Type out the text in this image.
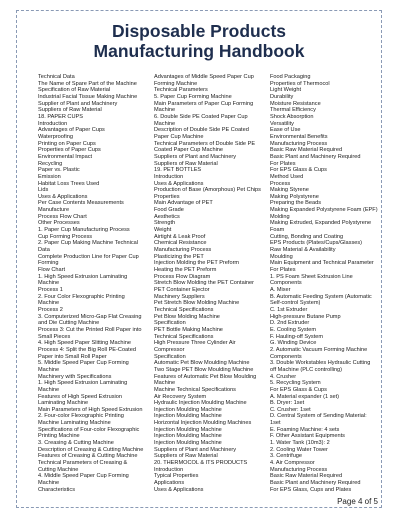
Disposable Products
Manufacturing Handbook
Technical Data
The Name of Spare Part of the Machine
Specification of Raw Material
Industrial Facial Tissue Making Machine
Supplier of Plant and Machinery
Suppliers of Raw Material
18. PAPER CUPS
Introduction
Advantages of Paper Cups
Waterproofing
Printing on Paper Cups
Properties of Paper Cups
Environmental Impact
Recycling
Paper vs. Plastic
Emission
Habitat Loss Trees Used
Lids
Uses & Applications
Per Case Contents Measurements
Manufacture
Process Flow Chart
Other Processes
1. Paper Cup Manufacturing Process
Cup Forming Process
2. Paper Cup Making Machine Technical
Data
Complete Production Line for Paper Cup
Forming
Flow Chart
1. High Speed Extrusion Laminating
Machine
Process 1
2. Four Color Flexographic Printing
Machine
Process 2
3. Computerized Micro-Gap Flat Creasing
and Die Cutting Machine
Process 3: Cut the Printed Roll Paper into
Small Pieces
4. High Speed Paper Slitting Machine
Process 4: Split the Big Roll PE-Coated
Paper into Small Roll Paper
5. Middle Speed Paper Cup Forming
Machine
Machinery with Specifications
1. High Speed Extrusion Laminating
Machine
Features of High Speed Extrusion
Laminating Machine
Main Parameters of High Speed Extrusion
2. Four-color Flexographic Printing
Machine Laminating Machine
Specifications of Four-color Flexographic
Printing Machine
3. Creasing & Cutting Machine
Description of Creasing & Cutting Machine
Features of Creasing & Cutting Machine
Technical Parameters of Creasing &
Cutting Machine
4. Middle Speed Paper Cup Forming
Machine
Characteristics
Advantages of Middle Speed Paper Cup
Forming Machine
Technical Parameters
5. Paper Cup Forming Machine
Main Parameters of Paper Cup Forming
Machine
6. Double Side PE Coated Paper Cup
Machine
Description of Double Side PE Coated
Paper Cup Machine
Technical Parameters of Double Side PE
Coated Paper Cup Machine
Suppliers of Plant and Machinery
Suppliers of Raw Material
19. PET BOTTLES
Introduction
Uses & Applications
Production of Base (Amorphous) Pet Chips
Properties
Main Advantage of PET
Food Grade
Aesthetics
Strength
Weight
Airtight & Leak Proof
Chemical Resistance
Manufacturing Process
Plasticizing the PET
Injection Molding the PET Preform
Heating the PET Preform
Process Flow Diagram
Stretch Blow Molding the PET Container
PET Container Ejector
Machinery Suppliers
Pet Stretch Blow Molding Machine
Technical Specifications
Pet Blow Molding Machine
Specification
PET Bottle Making Machine
Technical Specifications
High Pressure Three Cylinder Air
Compressor
Specification
Automatic Pet Blow Moulding Machine
Two Stage PET Blow Moulding Machine
Features of Automatic Pet Blow Moulding
Machine
Machine Technical Specifications
Air Recovery System
Hydraulic Injection Moulding Machine
Injection Moulding Machine
Injection Moulding Machine
Horizontal Injection Moulding Machines
Injection Moulding Machine
Injection Moulding Machine
Injection Moulding Machine
Suppliers of Plant and Machinery
Suppliers of Raw Material
20. THERMOCOL & ITS PRODUCTS
Introduction
Typical Properties
Applications
Uses & Applications
Food Packaging
Properties of Thermocol
Light Weight
Durability
Moisture Resistance
Thermal Efficiency
Shock Absorption
Versatility
Ease of Use
Environmental Benefits
Manufacturing Process
Basic Raw Material Required
Basic Plant and Machinery Required
For Plates
For EPS Glass & Cups
Method Used
Process
Making Styrene
Making Polystyrene
Preparing the Beads
Making Expanded Polystyrene Foam (EPF)
Molding
Making Extruded, Expanded Polystyrene
Foam
Cutting, Bonding and Coating
EPS Products (Plates/Cups/Glasses)
Raw Material & Availability
Moulding
Main Equipment and Technical Parameter
For Plates
1. PS Foam Sheet Extrusion Line
Components
A. Mixer
B. Automatic Feeding System (Automatic
Self-control System)
C. 1st Extruder
High-pressure Butane Pump
D. 2nd Extruder
E. Cooling System
F. Hauling-off System
G. Winding Device
2. Automatic Vacuum Forming Machine
Components
3. Double Workstables Hydraulic Cutting
off Machine (PLC controlling)
4. Crusher
5. Recycling System
For EPS Glass & Cups
A. Material expander (1 set)
B. Dryer: 1set
C. Crusher: 1set
D. Central System of Sending Material:
1set
E. Foaming Machine: 4 sets
F. Other Assistant Equipments
1. Water Tank (10m3): 2
2. Cooling Water Tower
3. Centrifuge
4. Air Compressor
Manufacturing Process
Basic Raw Material Required
Basic Plant and Machinery Required
For EPS Glass, Cups and Plates
Page 4 of 5
